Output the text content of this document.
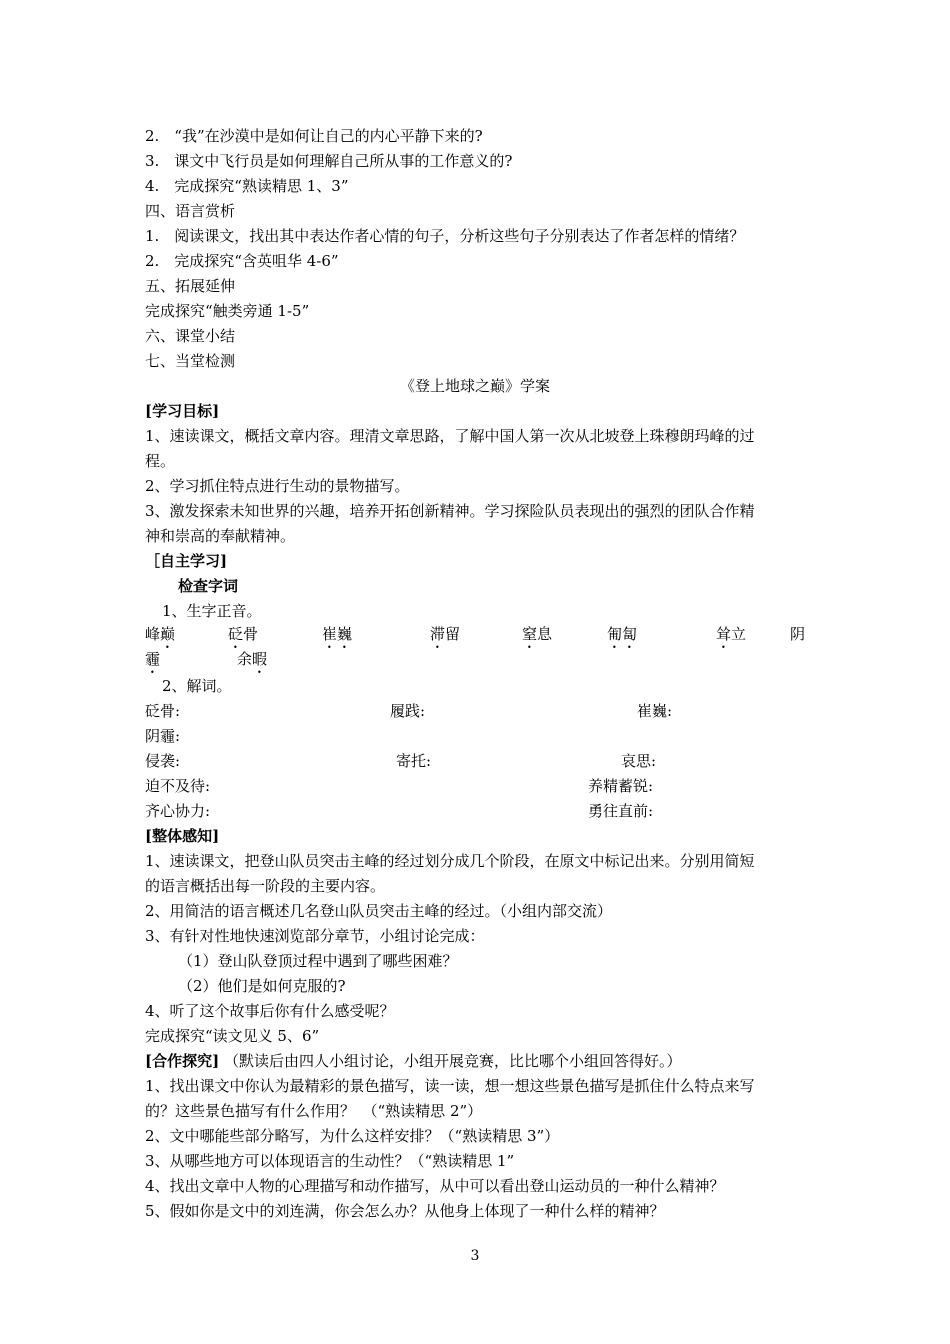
2.　“我”在沙漠中是如何让自己的内心平静下来的?
3.　课文中飞行员是如何理解自己所从事的工作意义的?
4.　完成探究“熟读精思 1、3”
四、语言赏析
1.　阅读课文，找出其中表达作者心情的句子，分析这些句子分别表达了作者怎样的情绪？
2.　完成探究“含英咀华 4-6”
五、拓展延伸
完成探究“触类旁通 1-5”
六、课堂小结
七、当堂检测
《登上地球之巅》学案
[学习目标]
1、速读课文，概括文章内容。理清文章思路，了解中国人第一次从北坡登上珠穆朗玛峰的过
程。
2、学习抓住特点进行生动的景物描写。
3、激发探索未知世界的兴趣，培养开拓创新精神。学习探险队员表现出的强烈的团队合作精
神和崇高的奉献精神。
［自主学习]
检查字词
1、生字正音。
峰巅	砭骨	崔巍	滞留	窒息	匍匐	耸立	阴
霾	余暇
2、解词。
砭骨:	履践:	崔巍:
阴霾:
侵袭:	寄托:	哀思:
迫不及待:	养精蓄锐:
齐心协力:	勇往直前:
[整体感知]
1、速读课文，把登山队员突击主峰的经过划分成几个阶段，在原文中标记出来。分别用简短
的语言概括出每一阶段的主要内容。
2、用简洁的语言概述几名登山队员突击主峰的经过。（小组内部交流）
3、有针对性地快速浏览部分章节，小组讨论完成：
（1）登山队登顶过程中遇到了哪些困难？
（2）他们是如何克服的?
4、听了这个故事后你有什么感受呢？
完成探究“读文见义 5、6”
[合作探究] （默读后由四人小组讨论，小组开展竞赛，比比哪个小组回答得好。）
1、找出课文中你认为最精彩的景色描写，读一读，想一想这些景色描写是抓住什么特点来写
的？这些景色描写有什么作用？　（“熟读精思 2”）
2、文中哪能些部分略写，为什么这样安排？（“熟读精思 3”）
3、从哪些地方可以体现语言的生动性？（“熟读精思 1”
4、找出文章中人物的心理描写和动作描写，从中可以看出登山运动员的一种什么精神？
5、假如你是文中的刘连满，你会怎么办？从他身上体现了一种什么样的精神？
3
